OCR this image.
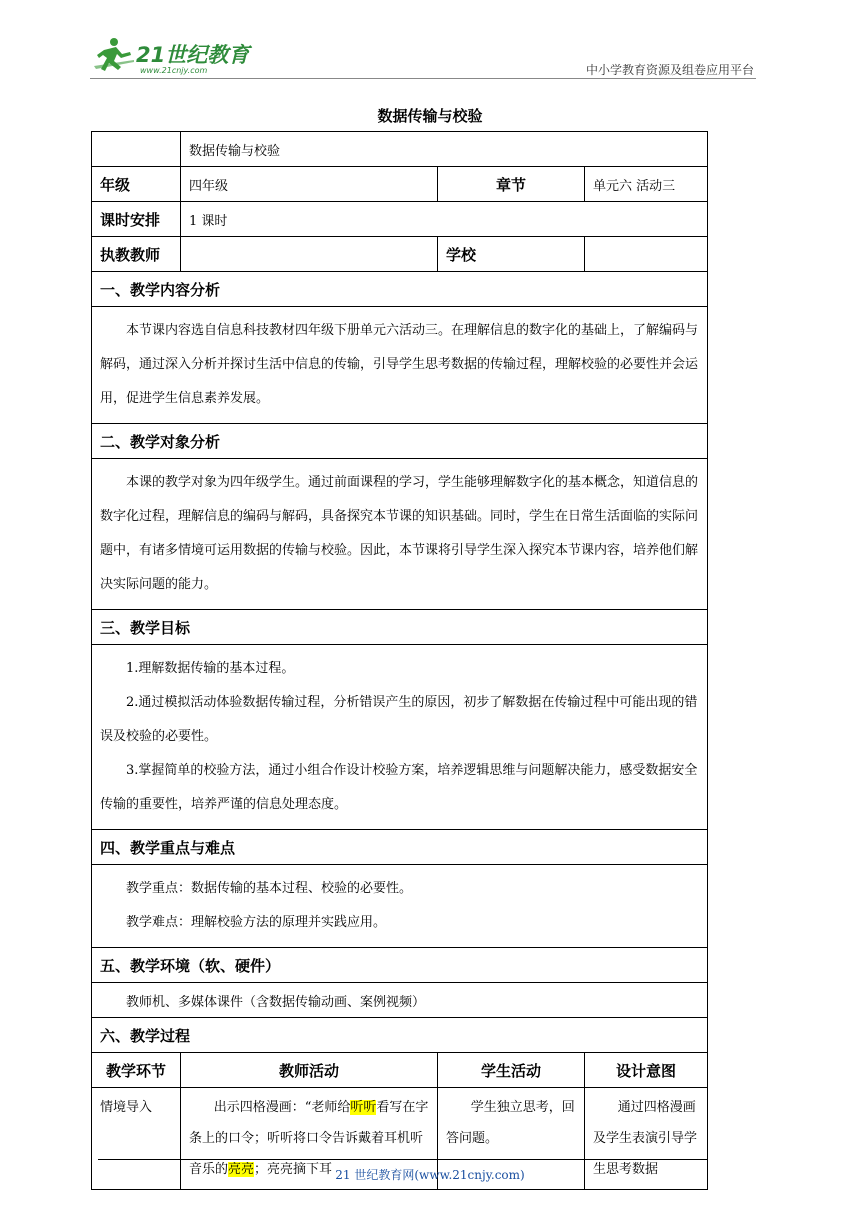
21世纪教育
www.21cnjy.com	中小学教育资源及组卷应用平台
数据传输与校验
	数据传输与校验		
年级	四年级	章节	单元六 活动三
课时安排	1 课时		
执教教师		学校	
一、教学内容分析			

本节课内容选自信息科技教材四年级下册单元六活动三。在理解信息的数字化的基础上，了解编码与解码，通过深入分析并探讨生活中信息的传输，引导学生思考数据的传输过程，理解校验的必要性并会运用，促进学生信息素养发展。			

二、教学对象分析			

本课的教学对象为四年级学生。通过前面课程的学习，学生能够理解数字化的基本概念，知道信息的数字化过程，理解信息的编码与解码，具备探究本节课的知识基础。同时，学生在日常生活面临的实际问题中，有诸多情境可运用数据的传输与校验。因此，本节课将引导学生深入探究本节课内容，培养他们解决实际问题的能力。			

三、教学目标			

1.理解数据传输的基本过程。

2.通过模拟活动体验数据传输过程，分析错误产生的原因，初步了解数据在传输过程中可能出现的错误及校验的必要性。

3.掌握简单的校验方法，通过小组合作设计校验方案，培养逻辑思维与问题解决能力，感受数据安全传输的重要性，培养严谨的信息处理态度。			

四、教学重点与难点			

教学重点：数据传输的基本过程、校验的必要性。

教学难点：理解校验方法的原理并实践应用。			

五、教学环境（软、硬件）			

教师机、多媒体课件（含数据传输动画、案例视频）			

六、教学过程			
教学环节	教师活动	学生活动	设计意图
情境导入	出示四格漫画：“老师给听听看写在字条上的口令；听听将口令告诉戴着耳机听音乐的亮亮；亮亮摘下耳	学生独立思考，回答问题。	通过四格漫画及学生表演引导学生思考数据

21 世纪教育网(www.21cnjy.com)
